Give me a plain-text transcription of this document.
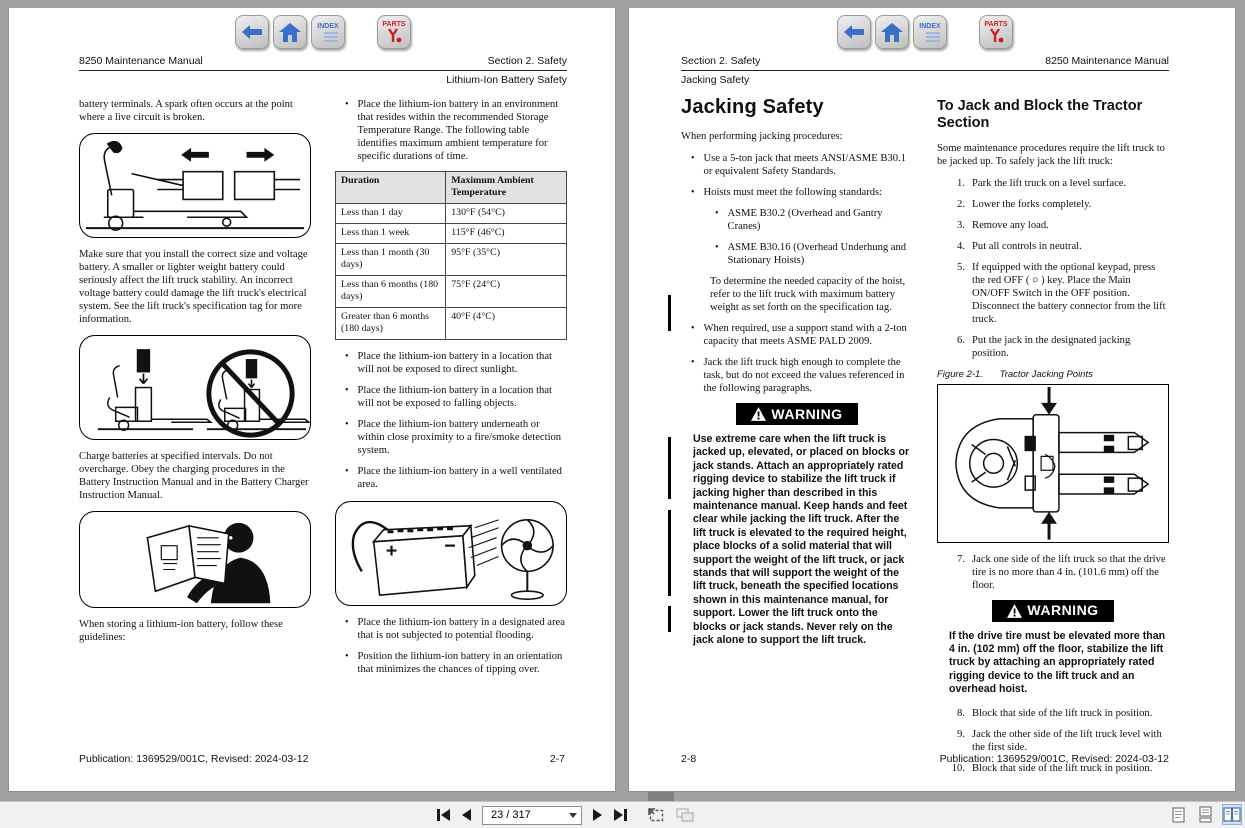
INDEX	PARTS
8250 Maintenance Manual	Section 2. Safety
Lithium-Ion Battery Safety

battery terminals. A spark often occurs at the point where a live circuit is broken.

Make sure that you install the correct size and voltage battery. A smaller or lighter weight battery could seriously affect the lift truck stability. An incorrect voltage battery could damage the lift truck's electrical system. See the lift truck's specification tag for more information.

Charge batteries at specified intervals. Do not overcharge. Obey the charging procedures in the Battery Instruction Manual and in the Battery Charger Instruction Manual.

When storing a lithium-ion battery, follow these guidelines:

• Place the lithium-ion battery in an environment that resides within the recommended Storage Temperature Range. The following table identifies maximum ambient temperature for specific durations of time.
Duration	Maximum Ambient Temperature
Less than 1 day	130°F (54°C)
Less than 1 week	115°F (46°C)
Less than 1 month (30 days)	95°F (35°C)
Less than 6 months (180 days)	75°F (24°C)
Greater than 6 months (180 days)	40°F (4°C)
• Place the lithium-ion battery in a location that will not be exposed to direct sunlight.
• Place the lithium-ion battery in a location that will not be exposed to falling objects.
• Place the lithium-ion battery underneath or within close proximity to a fire/smoke detection system.
• Place the lithium-ion battery in a well ventilated area.
• Place the lithium-ion battery in a designated area that is not subjected to potential flooding.
• Position the lithium-ion battery in an orientation that minimizes the chances of tipping over.
Publication: 1369529/001C, Revised: 2024-03-12	2-7
INDEX	PARTS
Section 2. Safety	8250 Maintenance Manual
Jacking Safety
Jacking Safety

When performing jacking procedures:

• Use a 5-ton jack that meets ANSI/ASME B30.1 or equivalent Safety Standards.
• Hoists must meet the following standards:
• ASME B30.2 (Overhead and Gantry Cranes)
• ASME B30.16 (Overhead Underhung and Stationary Hoists)

To determine the needed capacity of the hoist, refer to the lift truck with maximum battery weight as set forth on the specification tag.

• When required, use a support stand with a 2-ton capacity that meets ASME PALD 2009.
• Jack the lift truck high enough to complete the task, but do not exceed the values referenced in the following paragraphs.
WARNING

Use extreme care when the lift truck is jacked up, elevated, or placed on blocks or jack stands. Attach an appropriately rated rigging device to stabilize the lift truck if jacking higher than described in this maintenance manual. Keep hands and feet clear while jacking the lift truck. After the lift truck is elevated to the required height, place blocks of a solid material that will support the weight of the lift truck, or jack stands that will support the weight of the lift truck, beneath the specified locations shown in this maintenance manual, for support. Lower the lift truck onto the blocks or jack stands. Never rely on the jack alone to support the lift truck.

To Jack and Block the Tractor Section

Some maintenance procedures require the lift truck to be jacked up. To safely jack the lift truck:

1. Park the lift truck on a level surface.
2. Lower the forks completely.
3. Remove any load.
4. Put all controls in neutral.
5. If equipped with the optional keypad, press the red OFF ( ○ ) key. Place the Main ON/OFF Switch in the OFF position. Disconnect the battery connector from the lift truck.
6. Put the jack in the designated jacking position.
Figure 2-1. Tractor Jacking Points
7. Jack one side of the lift truck so that the drive tire is no more than 4 in. (101.6 mm) off the floor.
WARNING

If the drive tire must be elevated more than 4 in. (102 mm) off the floor, stabilize the lift truck by attaching an appropriately rated rigging device to the lift truck and an overhead hoist.

8. Block that side of the lift truck in position.
9. Jack the other side of the lift truck level with the first side.
10. Block that side of the lift truck in position.
2-8	Publication: 1369529/001C, Revised: 2024-03-12
23 / 317
